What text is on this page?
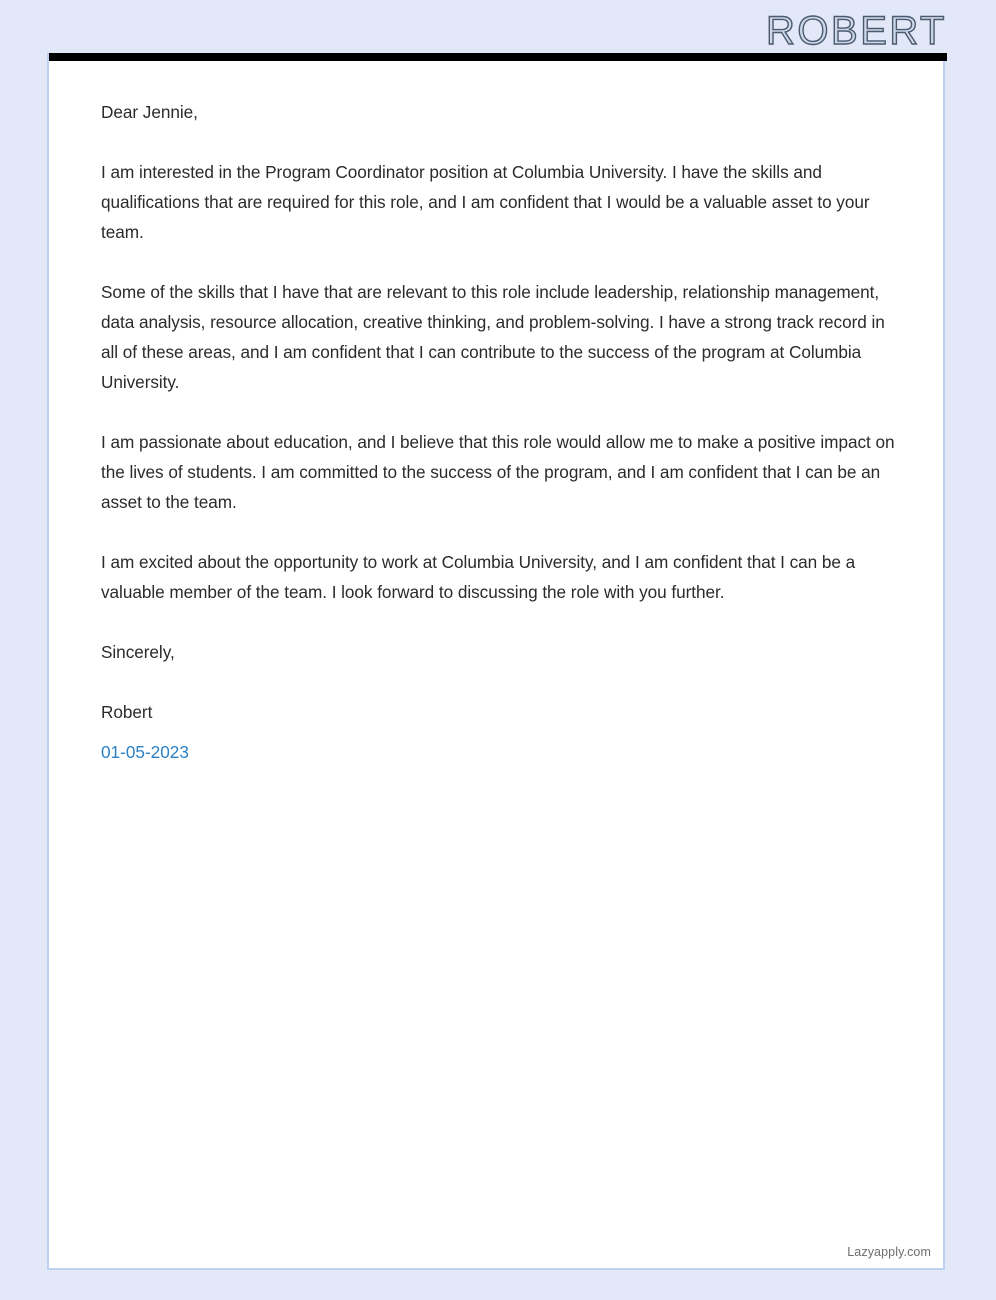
ROBERT

Dear Jennie,

I am interested in the Program Coordinator position at Columbia University. I have the skills and qualifications that are required for this role, and I am confident that I would be a valuable asset to your team.

Some of the skills that I have that are relevant to this role include leadership, relationship management, data analysis, resource allocation, creative thinking, and problem-solving. I have a strong track record in all of these areas, and I am confident that I can contribute to the success of the program at Columbia University.

I am passionate about education, and I believe that this role would allow me to make a positive impact on the lives of students. I am committed to the success of the program, and I am confident that I can be an asset to the team.

I am excited about the opportunity to work at Columbia University, and I am confident that I can be a valuable member of the team. I look forward to discussing the role with you further.

Sincerely,

Robert

01-05-2023

Lazyapply.com
